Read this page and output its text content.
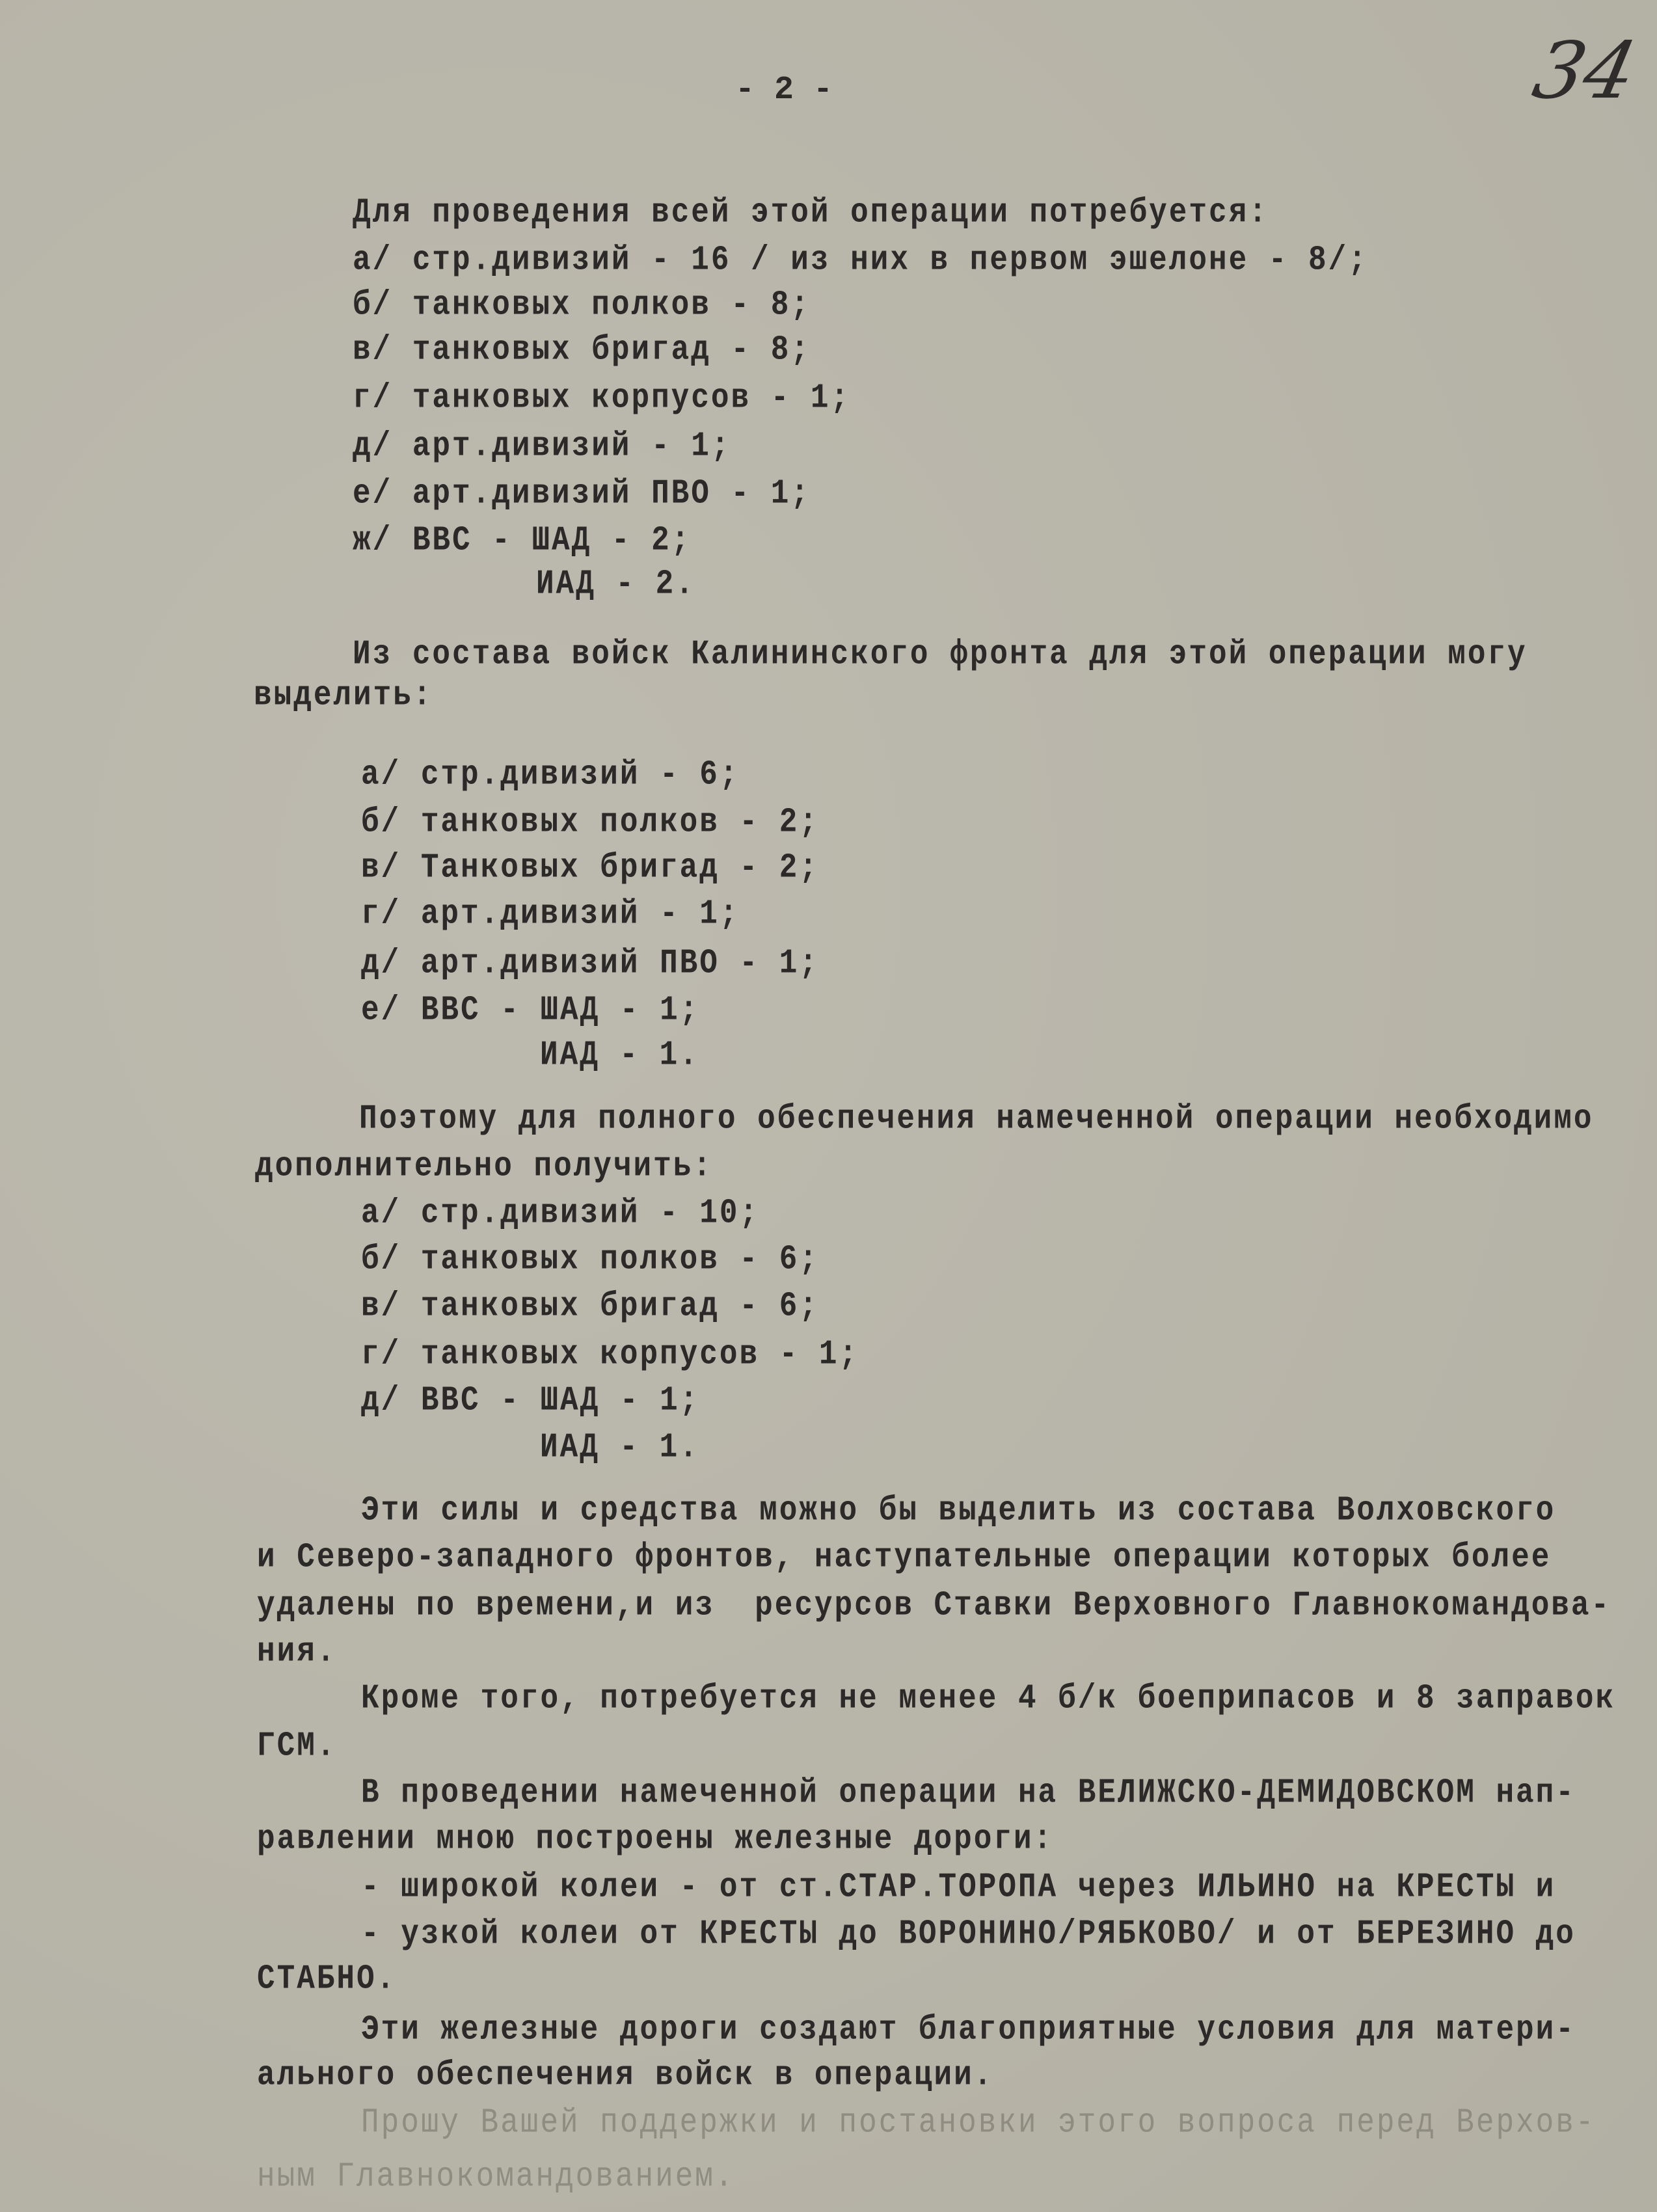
- 2 -	34
Для проведения всей этой операции потребуется:
а/ стр.дивизий - 16 / из них в первом эшелоне - 8/;
б/ танковых полков - 8;
в/ танковых бригад - 8;
г/ танковых корпусов - 1;
д/ арт.дивизий - 1;
е/ арт.дивизий ПВО - 1;
ж/ ВВС - ШАД - 2;
ИАД - 2.
Из состава войск Калининского фронта для этой операции могу
выделить:
а/ стр.дивизий - 6;
б/ танковых полков - 2;
в/ Танковых бригад - 2;
г/ арт.дивизий - 1;
д/ арт.дивизий ПВО - 1;
е/ ВВС - ШАД - 1;
ИАД - 1.
Поэтому для полного обеспечения намеченной операции необходимо
дополнительно получить:
а/ стр.дивизий - 10;
б/ танковых полков - 6;
в/ танковых бригад - 6;
г/ танковых корпусов - 1;
д/ ВВС - ШАД - 1;
ИАД - 1.
Эти силы и средства можно бы выделить из состава Волховского
и Северо-западного фронтов, наступательные операции которых более
удалены по времени,и из  ресурсов Ставки Верховного Главнокомандова-
ния.
Кроме того, потребуется не менее 4 б/к боеприпасов и 8 заправок
ГСМ.
В проведении намеченной операции на ВЕЛИЖСКО-ДЕМИДОВСКОМ нап-
равлении мною построены железные дороги:
- широкой колеи - от ст.СТАР.ТОРОПА через ИЛЬИНО на КРЕСТЫ и
- узкой колеи от КРЕСТЫ до ВОРОНИНО/РЯБКОВО/ и от БЕРЕЗИНО до
СТАБНО.
Эти железные дороги создают благоприятные условия для матери-
ального обеспечения войск в операции.
Прошу Вашей поддержки и постановки этого вопроса перед Верхов-
ным Главнокомандованием.
